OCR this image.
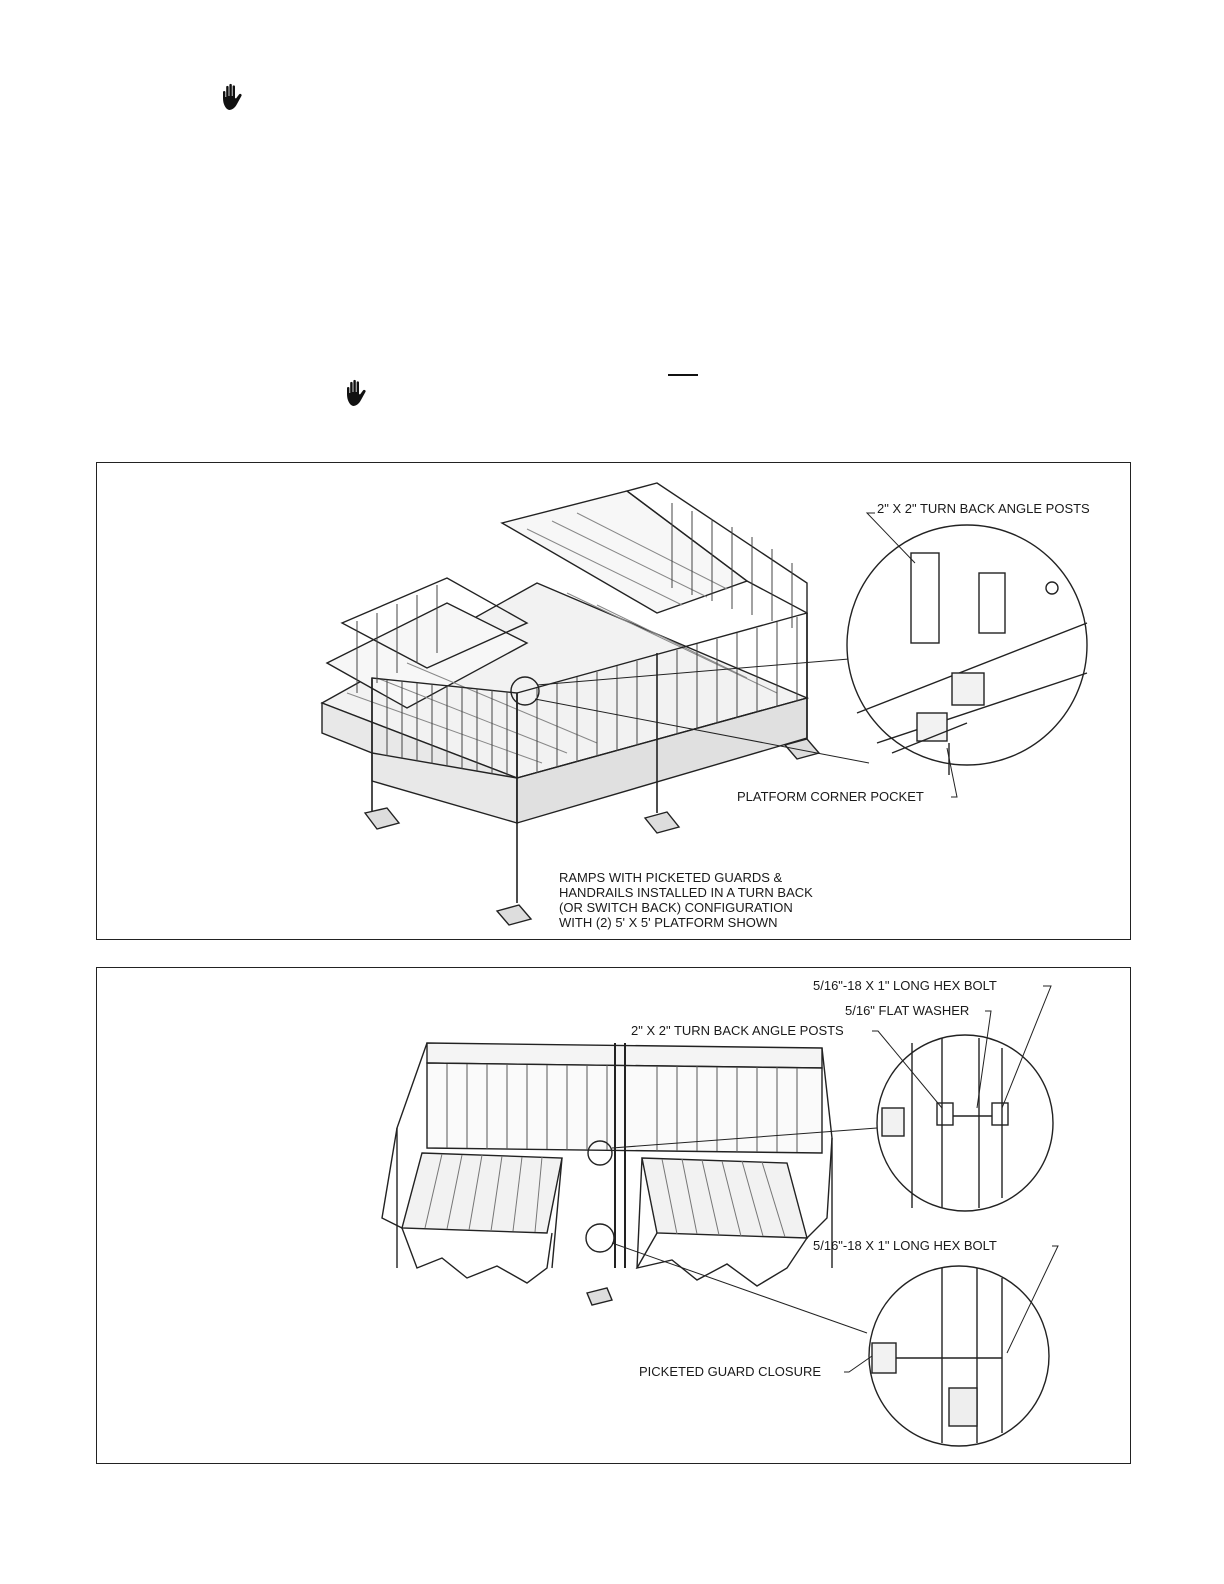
2" X 2" TURN BACK ANGLE POSTS
PLATFORM CORNER POCKET
RAMPS WITH PICKETED GUARDS &
HANDRAILS INSTALLED IN A TURN BACK
(OR SWITCH BACK) CONFIGURATION
WITH (2) 5' X 5' PLATFORM SHOWN
5/16"-18 X 1" LONG HEX BOLT
5/16" FLAT WASHER
2" X 2" TURN BACK ANGLE POSTS
5/16"-18 X 1" LONG HEX BOLT
PICKETED GUARD CLOSURE
